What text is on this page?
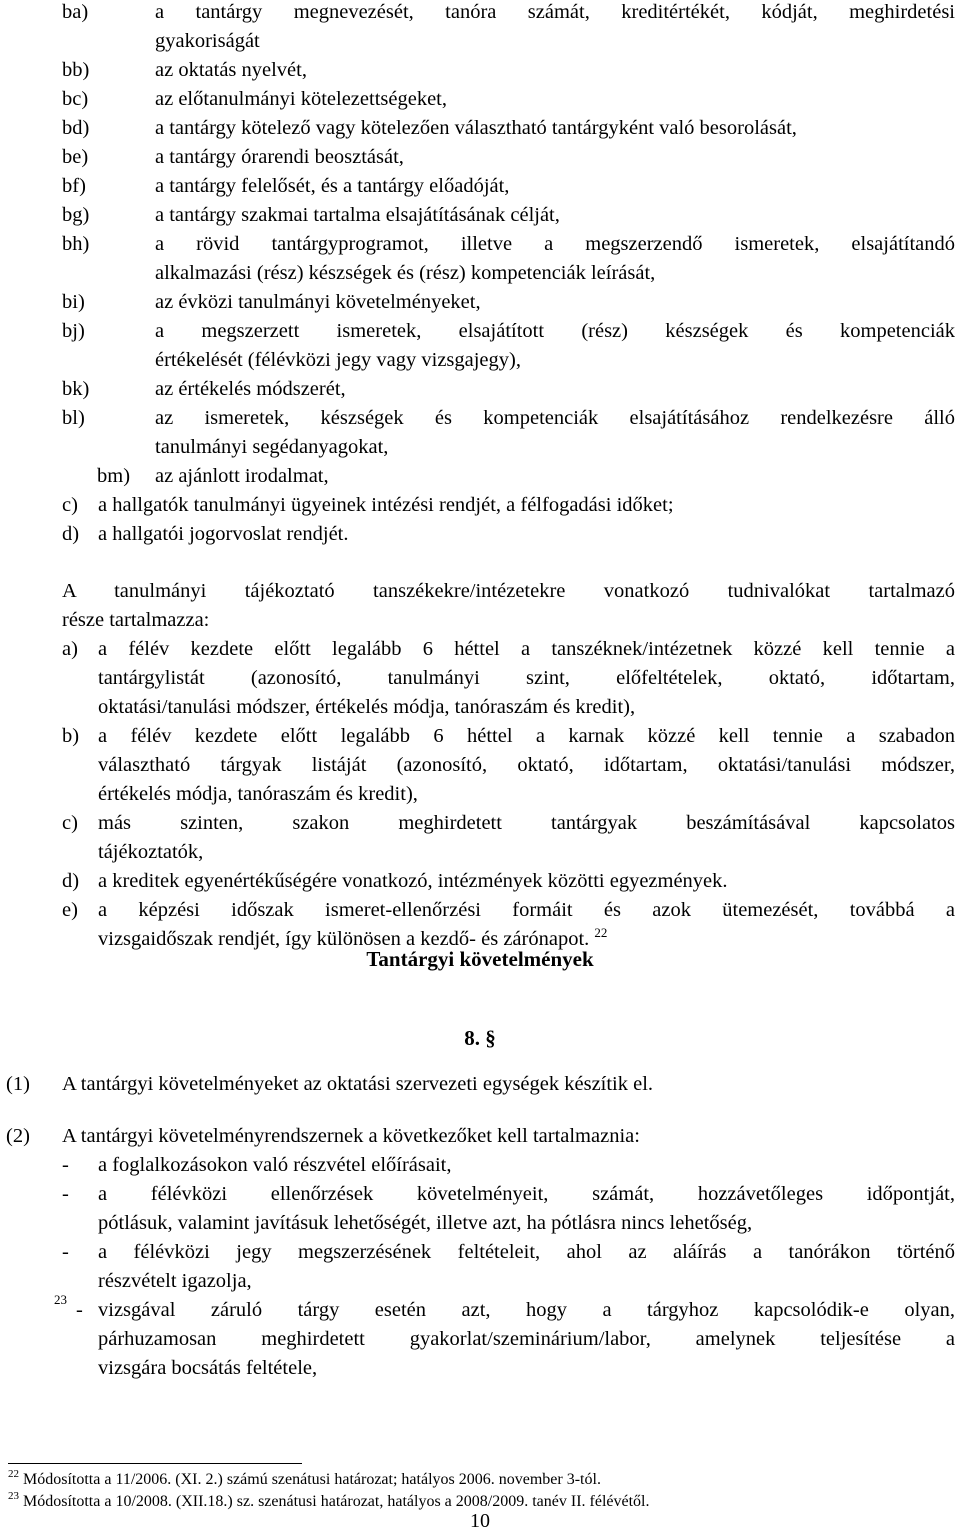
ba)	a tantárgy megnevezését, tanóra számát, kreditértékét, kódját, meghirdetési
gyakoriságát
bb)	az oktatás nyelvét,
bc)	az előtanulmányi kötelezettségeket,
bd)	a tantárgy kötelező vagy kötelezően választható tantárgyként való besorolását,
be)	a tantárgy órarendi beosztását,
bf)	a tantárgy felelősét, és a tantárgy előadóját,
bg)	a tantárgy szakmai tartalma elsajátításának célját,
bh)	a rövid tantárgyprogramot, illetve a megszerzendő ismeretek, elsajátítandó
alkalmazási (rész) készségek és (rész) kompetenciák leírását,
bi)	az évközi tanulmányi követelményeket,
bj)	a megszerzett ismeretek, elsajátított (rész) készségek és kompetenciák
értékelését (félévközi jegy vagy vizsgajegy),
bk)	az értékelés módszerét,
bl)	az ismeretek, készségek és kompetenciák elsajátításához rendelkezésre álló
tanulmányi segédanyagokat,
bm) az ajánlott irodalmat,
c) a hallgatók tanulmányi ügyeinek intézési rendjét, a félfogadási időket;
d) a hallgatói jogorvoslat rendjét.
A tanulmányi tájékoztató tanszékekre/intézetekre vonatkozó tudnivalókat tartalmazó
része tartalmazza:
a) a félév kezdete előtt legalább 6 héttel a tanszéknek/intézetnek közzé kell tennie a
tantárgylistát (azonosító, tanulmányi szint, előfeltételek, oktató, időtartam,
oktatási/tanulási módszer, értékelés módja, tanóraszám és kredit),
b) a félév kezdete előtt legalább 6 héttel a karnak közzé kell tennie a szabadon
választható tárgyak listáját (azonosító, oktató, időtartam, oktatási/tanulási módszer,
értékelés módja, tanóraszám és kredit),
c) más szinten, szakon meghirdetett tantárgyak beszámításával kapcsolatos
tájékoztatók,
d) a kreditek egyenértékűségére vonatkozó, intézmények közötti egyezmények.
e) a képzési időszak ismeret-ellenőrzési formáit és azok ütemezését, továbbá a
vizsgaidőszak rendjét, így különösen a kezdő- és zárónapot. $^{22}$
Tantárgyi követelmények
8. §
(1) A tantárgyi követelményeket az oktatási szervezeti egységek készítik el.
(2) A tantárgyi követelményrendszernek a következőket kell tartalmaznia:
- a foglalkozásokon való részvétel előírásait,
- a félévközi ellenőrzések követelményeit, számát, hozzávetőleges időpontját,
pótlásuk, valamint javításuk lehetőségét, illetve azt, ha pótlásra nincs lehetőség,
- a félévközi jegy megszerzésének feltételeit, ahol az aláírás a tanórákon történő
részvételt igazolja,
23 - vizsgával záruló tárgy esetén azt, hogy a tárgyhoz kapcsolódik-e olyan,
párhuzamosan meghirdetett gyakorlat/szeminárium/labor, amelynek teljesítése a
vizsgára bocsátás feltétele,
$^{22}$ Módosította a 11/2006. (XI. 2.) számú szenátusi határozat; hatályos 2006. november 3-tól.
10
$^{23}$ Módosította a 10/2008. (XII.18.) sz. szenátusi határozat, hatályos a 2008/2009. tanév II. félévétől.
